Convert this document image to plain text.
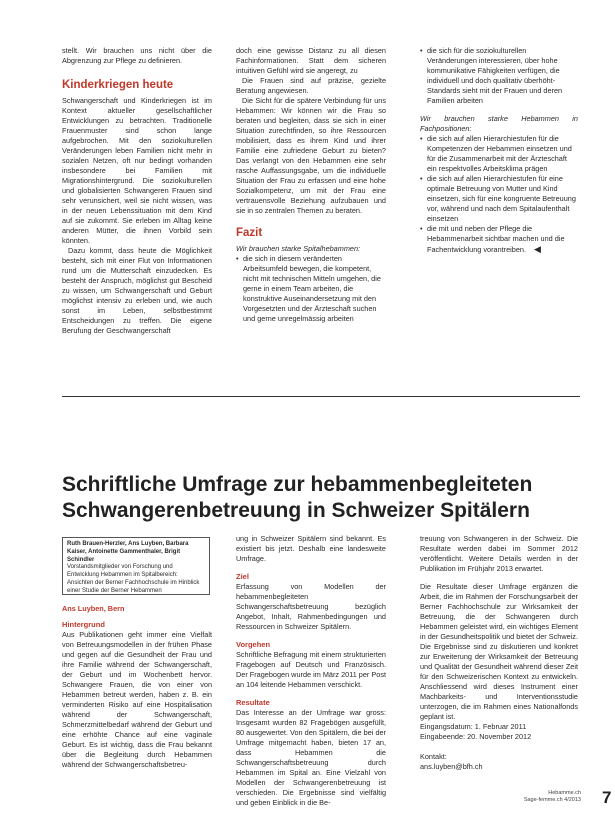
stellt. Wir brauchen uns nicht über die Abgrenzung zur Pflege zu definieren.

Kinderkriegen heute

Schwangerschaft und Kinderkriegen ist im Kontext aktueller gesellschaftlicher Entwicklungen zu betrachten. Traditionelle Frauenmuster sind schon lange aufgebrochen. Mit den soziokulturellen Veränderungen leben Familien nicht mehr in sozialen Netzen, oft nur bedingt vorhanden insbesondere bei Familien mit Migrationshintergrund. Die soziokulturellen und globalisierten Schwangeren Frauen sind sehr verunsichert, weil sie nicht wissen, was in der neuen Lebenssituation mit dem Kind auf sie zukommt. Sie erleben im Alltag keine anderen Mütter, die ihnen Vorbild sein könnten.

Dazu kommt, dass heute die Möglichkeit besteht, sich mit einer Flut von Informationen rund um die Mutterschaft einzudecken. Es besteht der Anspruch, möglichst gut Bescheid zu wissen, um Schwangerschaft und Geburt möglichst intensiv zu erleben und, wie auch sonst im Leben, selbstbestimmt Entscheidungen zu treffen. Die eigene Berufung der Geschwangerschaft

doch eine gewisse Distanz zu all diesen Fachinformationen. Statt dem sicheren intuitiven Gefühl wird sie angeregt, zu

Die Frauen sind auf präzise, gezielte Beratung angewiesen.

Die Sicht für die spätere Verbindung für uns Hebammen: Wir können wir die Frau so beraten und begleiten, dass sie sich in einer Situation zurechtfinden, so ihre Ressourcen mobilisiert, dass es ihrem Kind und ihrer Familie eine zufriedene Geburt zu bieten? Das verlangt von den Hebammen eine sehr rasche Auffassungsgabe, um die individuelle Situation der Frau zu erfassen und eine hohe Sozialkompetenz, um mit der Frau eine vertrauensvolle Beziehung aufzubauen und sie in so zentralen Themen zu beraten.

Fazit

Wir brauchen starke Spitalhebammen:

• die sich in diesem veränderten Arbeitsumfeld bewegen, die kompetent, nicht mit technischen Mitteln umgehen, die gerne in einem Team arbeiten, die konstruktive Auseinandersetzung mit den Vorgesetzten und der Ärzteschaft suchen und gerne unregelmässig arbeiten
• die sich für die soziokulturellen Veränderungen interessieren, über hohe kommunikative Fähigkeiten verfügen, die individuell und doch qualitativ überhöht-Standards sieht mit der Frauen und deren Familien arbeiten

Wir brauchen starke Hebammen in Fachpositionen:

• die sich auf allen Hierarchiestufen für die Kompetenzen der Hebammen einsetzen und für die Zusammenarbeit mit der Ärzteschaft ein respektvolles Arbeitsklima prägen
• die sich auf allen Hierarchiestufen für eine optimale Betreuung von Mutter und Kind einsetzen, sich für eine kongruente Betreuung vor, während und nach dem Spitalaufenthalt einsetzen
• die mit und neben der Pflege die Hebammenarbeit sichtbar machen und die Fachentwicklung vorantreiben. ◀
Schriftliche Umfrage zur hebammenbegleiteten Schwangerenbetreuung in Schweizer Spitälern
Ruth Brauen-Herzler, Ans Luyben, Barbara Kaiser, Antoinette Gammenthaler, Brigit Schindler
Vorstandsmitglieder von Forschung und Entwicklung Hebammen im Spitalbereich: Ansichten der Berner Fachhochschule im Hinblick einer Studie der Berner Hebammen

Ans Luyben, Bern

Hintergrund

Aus Publikationen geht immer eine Vielfalt von Betreuungsmodellen in der frühen Phase und gegen auf die Gesundheit der Frau und ihre Familie während der Schwangerschaft, der Geburt und im Wochenbett hervor. Schwangere Frauen, die von einer von Hebammen betreut werden, haben z. B. ein verminderten Risiko auf eine Hospitalisation während der Schwangerschaft, Schmerzmittelbedarf während der Geburt und eine erhöhte Chance auf eine vaginale Geburt. Es ist wichtig, dass die Frau bekannt über die Begleitung durch Hebammen während der Schwangerschaftsbetreu-

ung in Schweizer Spitälern sind bekannt. Es existiert bis jetzt. Deshalb eine landesweite Umfrage.

Ziel

Erfassung von Modellen der hebammenbegleiteten Schwangerschaftsbetreuung bezüglich Angebot, Inhalt, Rahmenbedingungen und Ressourcen in Schweizer Spitälern.

Vorgehen

Schriftliche Befragung mit einem strukturierten Fragebogen auf Deutsch und Französisch. Der Fragebogen wurde im März 2011 per Post an 104 leitende Hebammen verschickt.

Resultate

Das Interesse an der Umfrage war gross: Insgesamt wurden 82 Fragebögen ausgefüllt, 80 ausgewertet. Von den Spitälern, die bei der Umfrage mitgemacht haben, bieten 17 an, dass Hebammen die Schwangerschaftsbetreuung durch Hebammen im Spital an. Eine Vielzahl von Modellen der Schwangerenbetreuung ist verschieden. Die Ergebnisse sind vielfältig und geben Einblick in die Be-

treuung von Schwangeren in der Schweiz. Die Resultate werden dabei im Sommer 2012 veröffentlicht. Weitere Details werden in der Publikation im Frühjahr 2013 erwartet.

Die Resultate dieser Umfrage ergänzen die Arbeit, die im Rahmen der Forschungsarbeit der Berner Fachhochschule zur Wirksamkeit der Betreuung, die der Schwangeren durch Hebammen geleistet wird, ein wichtiges Element in der Gesundheitspolitik und bietet der Schweiz. Die Ergebnisse sind zu diskutieren und konkret zur Erweiterung der Wirksamkeit der Betreuung und Qualität der Gesundheit während dieser Zeit für den Schweizerischen Kontext zu entwickeln. Anschliessend wird dieses Instrument einer Machbarkeits- und Interventionsstudie unterzogen, die im Rahmen eines Nationalfonds geplant ist.

Eingangsdatum: 1. Februar 2011
Eingabeende: 20. November 2012

Kontakt:

ans.luyben@bfh.ch

Hebamme.ch
Sage-femme.ch 4/2013 7
